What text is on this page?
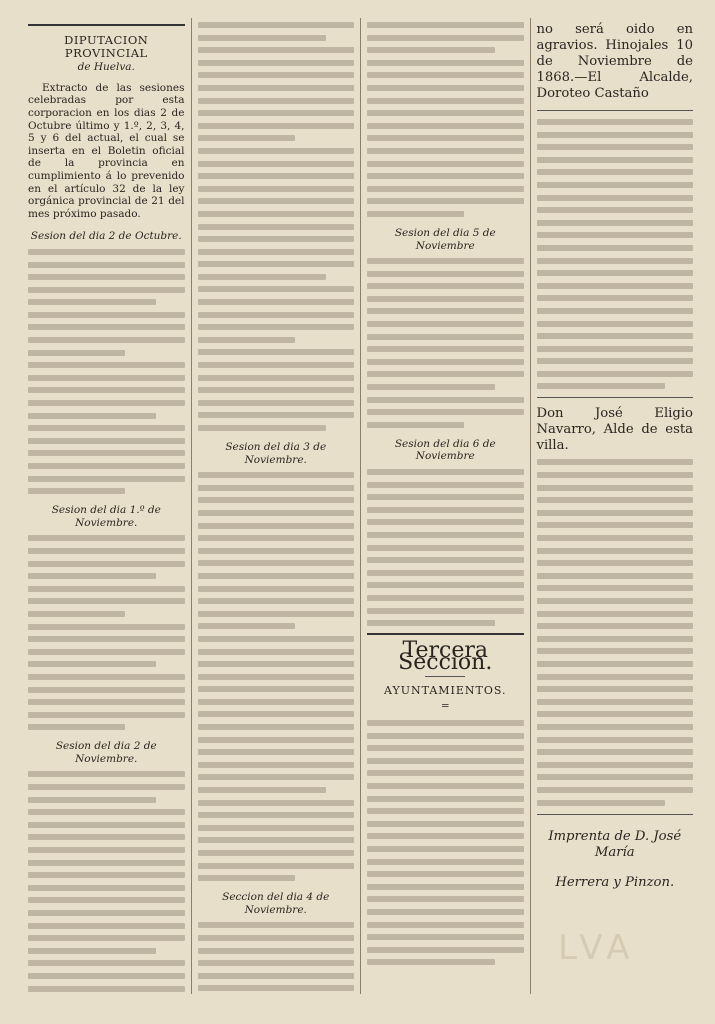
DIPUTACION PROVINCIAL
de Huelva.

Extracto de las sesiones celebradas por esta corporacion en los dias 2 de Octubre último y 1.º, 2, 3, 4, 5 y 6 del actual, el cual se inserta en el Boletin oficial de la provincia en cumplimiento á lo prevenido en el artículo 32 de la ley orgánica provincial de 21 del mes próximo pasado.

Sesion del dia 2 de Octubre.
Sesion del dia 1.º de Noviembre.
Sesion del dia 2 de Noviembre.
Sesion del dia 3 de Noviembre.
Seccion del dia 4 de Noviembre.
Sesion del dia 5 de Noviembre
Sesion del dia 6 de Noviembre
Tercera Seccion.
AYUNTAMIENTOS.
=

no será oido en agravios. Hinojales 10 de Noviembre de 1868.—El Alcalde, Doroteo Castaño

Don José Eligio Navarro, Alde de esta villa.

Imprenta de D. José María
Herrera y Pinzon.
LVA
